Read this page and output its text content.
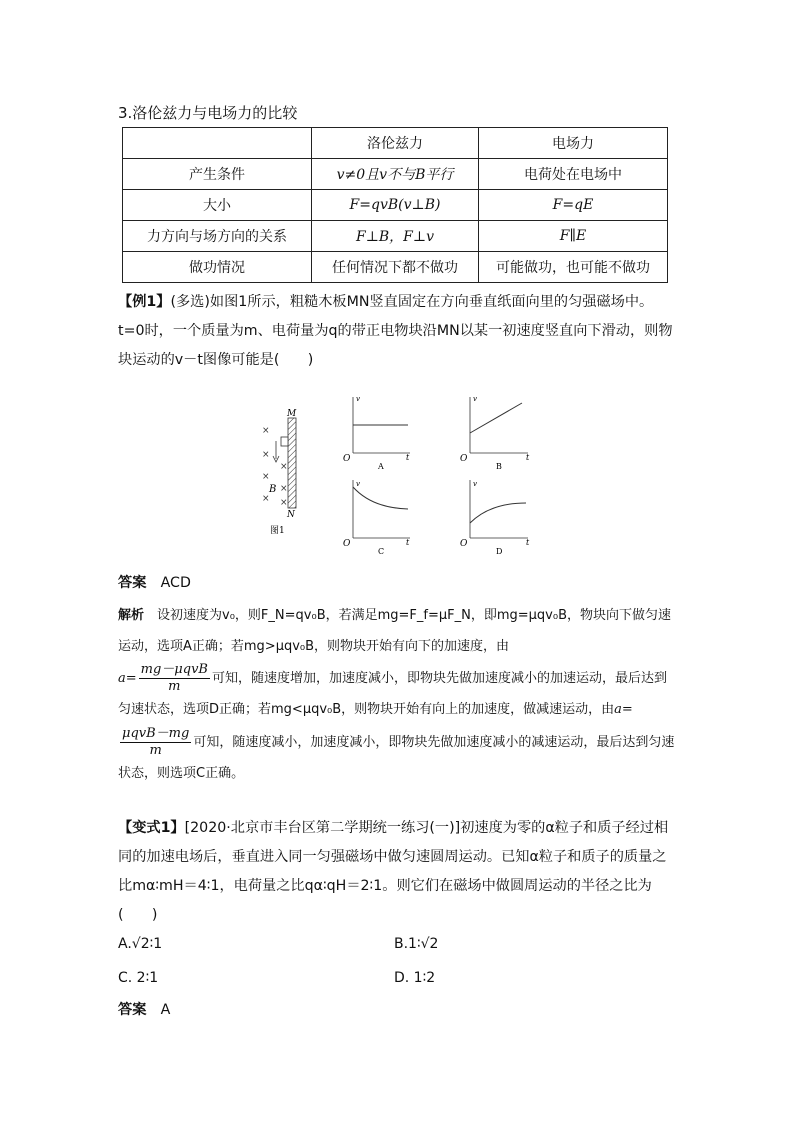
3.洛伦兹力与电场力的比较
	洛伦兹力	电场力
产生条件	v≠0且v不与B平行	电荷处在电场中
大小	F=qvB(v⊥B)	F=qE
力方向与场方向的关系	F⊥B，F⊥v	F∥E
做功情况	任何情况下都不做功	可能做功，也可能不做功

【例1】(多选)如图1所示，粗糙木板MN竖直固定在方向垂直纸面向里的匀强磁场中。t=0时，一个质量为m、电荷量为q的带正电物块沿MN以某一初速度竖直向下滑动，则物块运动的v－t图像可能是(　　)

×
×
×
×
×
× ×
B
M
N
图1
O	t
v
A
O	t
v
B
O	t
v
C
O	t
v
D

答案　 ACD

解析　 设初速度为v₀，则F_N=qv₀B，若满足mg=F_f=μF_N，即mg=μqv₀B，物块向下做匀速运动，选项A正确；若mg>μqv₀B，则物块开始有向下的加速度，由
$a= \frac{\text{mg－μqvB}}{m}$ 可知，随速度增加，加速度减小，即物块先做加速度减小的加速运动，最后达到匀速状态，选项D正确；若mg<μqv₀B，则物块开始有向上的加速度，做减速运动，由a=
$\frac{\text{μqvB－mg}}{m}$ 可知，随速度减小，加速度减小，即物块先做加速度减小的减速运动，最后达到匀速状态，则选项C正确。

【变式1】[2020·北京市丰台区第二学期统一练习(一)]初速度为零的α粒子和质子经过相同的加速电场后，垂直进入同一匀强磁场中做匀速圆周运动。已知α粒子和质子的质量之比mα∶mH＝4∶1，电荷量之比qα∶qH＝2∶1。则它们在磁场中做圆周运动的半径之比为(　　)

A.√2∶1	B.1∶√2
C. 2∶1	D. 1∶2

答案　 A
